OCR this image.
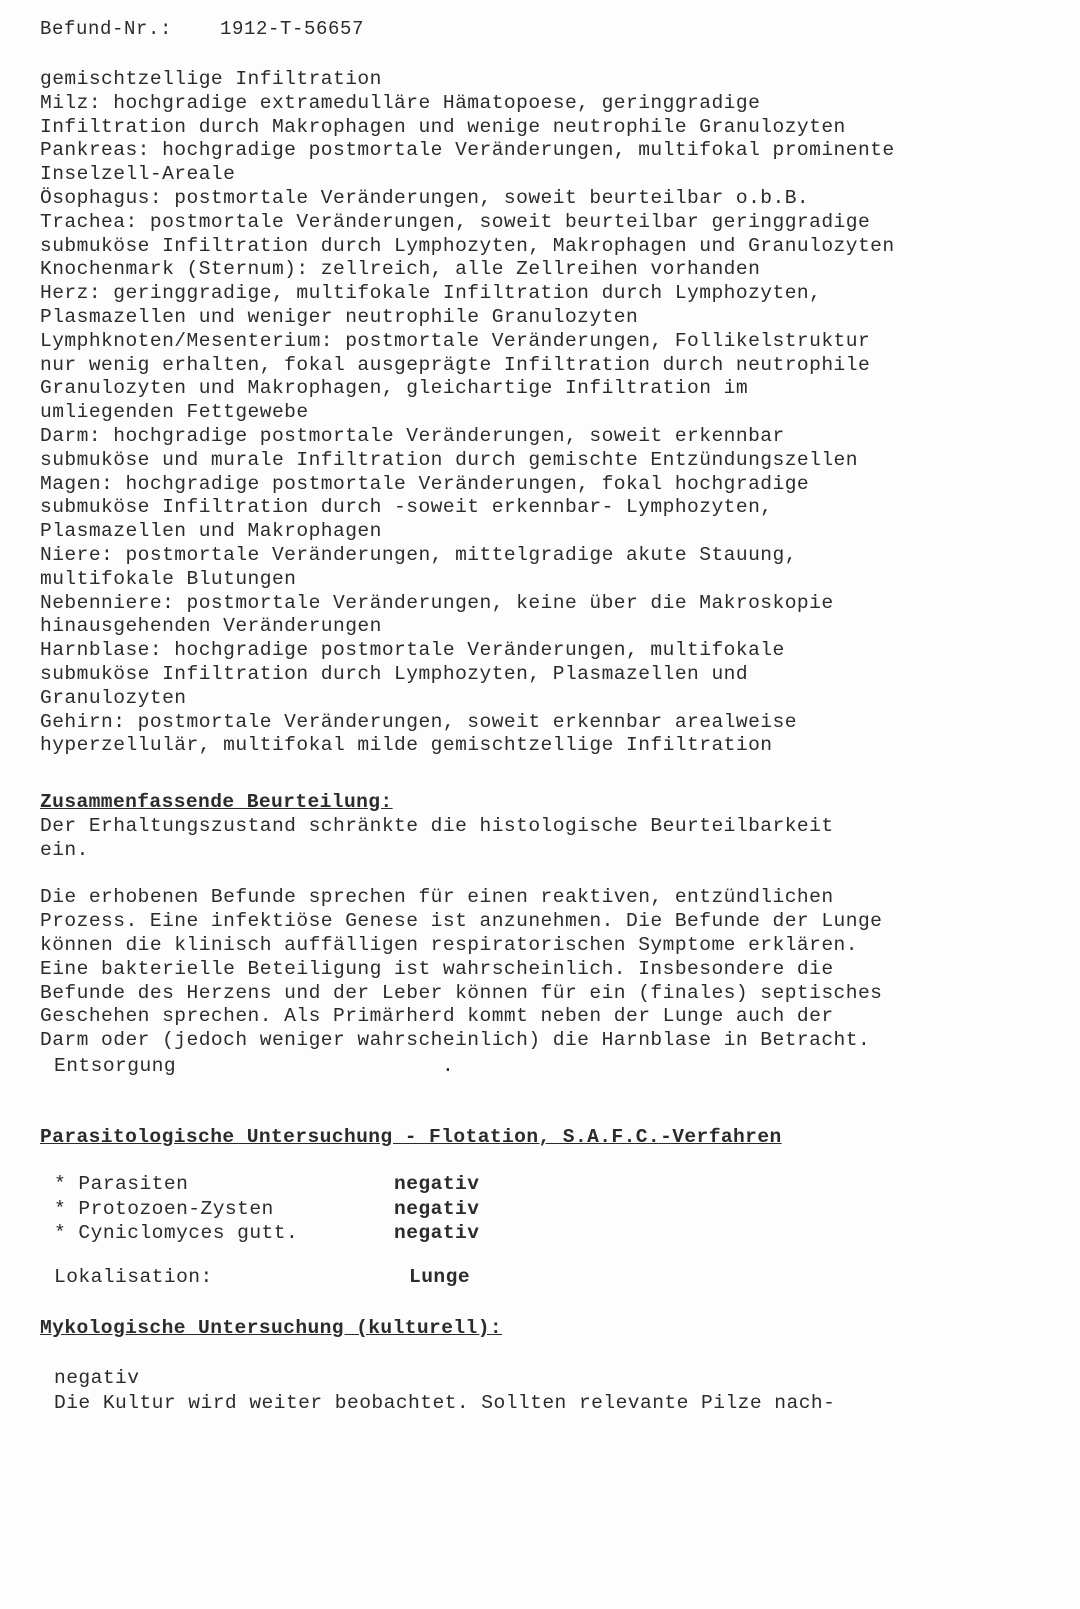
Befund-Nr.:	1912-T-56657
gemischtzellige Infiltration
Milz: hochgradige extramedulläre Hämatopoese, geringgradige
Infiltration durch Makrophagen und wenige neutrophile Granulozyten
Pankreas: hochgradige postmortale Veränderungen, multifokal prominente
Inselzell-Areale
Ösophagus: postmortale Veränderungen, soweit beurteilbar o.b.B.
Trachea: postmortale Veränderungen, soweit beurteilbar geringgradige
submuköse Infiltration durch Lymphozyten, Makrophagen und Granulozyten
Knochenmark (Sternum): zellreich, alle Zellreihen vorhanden
Herz: geringgradige, multifokale Infiltration durch Lymphozyten,
Plasmazellen und weniger neutrophile Granulozyten
Lymphknoten/Mesenterium: postmortale Veränderungen, Follikelstruktur
nur wenig erhalten, fokal ausgeprägte Infiltration durch neutrophile
Granulozyten und Makrophagen, gleichartige Infiltration im
umliegenden Fettgewebe
Darm: hochgradige postmortale Veränderungen, soweit erkennbar
submuköse und murale Infiltration durch gemischte Entzündungszellen
Magen: hochgradige postmortale Veränderungen, fokal hochgradige
submuköse Infiltration durch -soweit erkennbar- Lymphozyten,
Plasmazellen und Makrophagen
Niere: postmortale Veränderungen, mittelgradige akute Stauung,
multifokale Blutungen
Nebenniere: postmortale Veränderungen, keine über die Makroskopie
hinausgehenden Veränderungen
Harnblase: hochgradige postmortale Veränderungen, multifokale
submuköse Infiltration durch Lymphozyten, Plasmazellen und
Granulozyten
Gehirn: postmortale Veränderungen, soweit erkennbar arealweise
hyperzellulär, multifokal milde gemischtzellige Infiltration
Zusammenfassende Beurteilung:
Der Erhaltungszustand schränkte die histologische Beurteilbarkeit
ein.
Die erhobenen Befunde sprechen für einen reaktiven, entzündlichen
Prozess. Eine infektiöse Genese ist anzunehmen. Die Befunde der Lunge
können die klinisch auffälligen respiratorischen Symptome erklären.
Eine bakterielle Beteiligung ist wahrscheinlich. Insbesondere die
Befunde des Herzens und der Leber können für ein (finales) septisches
Geschehen sprechen. Als Primärherd kommt neben der Lunge auch der
Darm oder (jedoch weniger wahrscheinlich) die Harnblase in Betracht.
Entsorgung	.
Parasitologische Untersuchung - Flotation, S.A.F.C.-Verfahren
* Parasiten	negativ
* Protozoen-Zysten	negativ
* Cyniclomyces gutt.	negativ
Lokalisation:	Lunge
Mykologische Untersuchung (kulturell):
negativ
Die Kultur wird weiter beobachtet. Sollten relevante Pilze nach-
